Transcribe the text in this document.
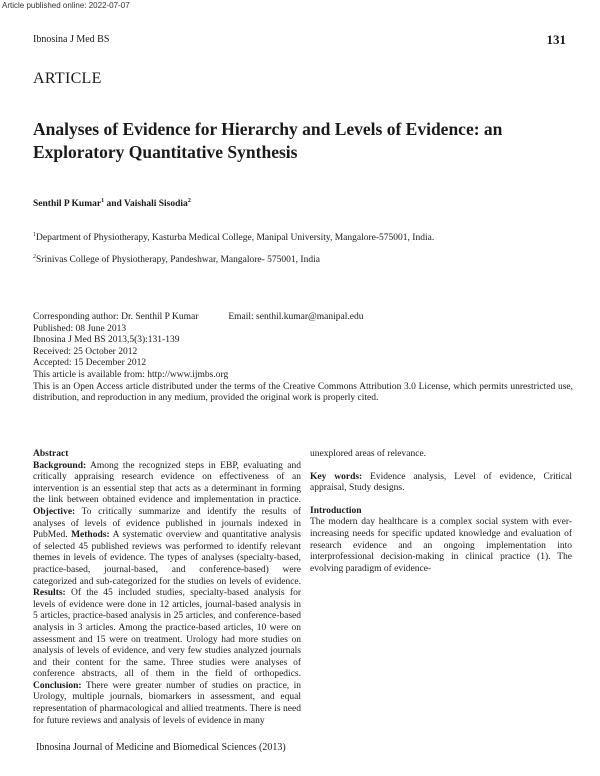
Article published online: 2022-07-07
Ibnosina J Med BS	131
ARTICLE
Analyses of Evidence for Hierarchy and Levels of Evidence: an Exploratory Quantitative Synthesis
Senthil P Kumar$^1$ and Vaishali Sisodia$^2$
$^1$Department of Physiotherapy, Kasturba Medical College, Manipal University, Mangalore-575001, India.
$^2$Srinivas College of Physiotherapy, Pandeshwar, Mangalore- 575001, India
Corresponding author: Dr. Senthil P Kumar	Email: senthil.kumar@manipal.edu
Published: 08 June 2013
Ibnosina J Med BS 2013,5(3):131-139
Received: 25 October 2012
Accepted: 15 December 2012
This article is available from: http://www.ijmbs.org
This is an Open Access article distributed under the terms of the Creative Commons Attribution 3.0 License, which permits unrestricted use, distribution, and reproduction in any medium, provided the original work is properly cited.

Abstract

Background: Among the recognized steps in EBP, evaluating and critically appraising research evidence on effectiveness of an intervention is an essential step that acts as a determinant in forming the link between obtained evidence and implementation in practice. Objective: To critically summarize and identify the results of analyses of levels of evidence published in journals indexed in PubMed. Methods: A systematic overview and quantitative analysis of selected 45 published reviews was performed to identify relevant themes in levels of evidence. The types of analyses (specialty-based, practice-based, journal-based, and conference-based) were categorized and sub-categorized for the studies on levels of evidence. Results: Of the 45 included studies, specialty-based analysis for levels of evidence were done in 12 articles, journal-based analysis in 5 articles, practice-based analysis in 25 articles, and conference-based analysis in 3 articles. Among the practice-based articles, 10 were on assessment and 15 were on treatment. Urology had more studies on analysis of levels of evidence, and very few studies analyzed journals and their content for the same. Three studies were analyses of conference abstracts, all of them in the field of orthopedics. Conclusion: There were greater number of studies on practice, in Urology, multiple journals, biomarkers in assessment, and equal representation of pharmacological and allied treatments. There is need for future reviews and analysis of levels of evidence in many

unexplored areas of relevance.

Key words: Evidence analysis, Level of evidence, Critical appraisal, Study designs.

Introduction

The modern day healthcare is a complex social system with ever-increasing needs for specific updated knowledge and evaluation of research evidence and an ongoing implementation into interprofessional decision-making in clinical practice (1). The evolving paradigm of evidence-

Ibnosina Journal of Medicine and Biomedical Sciences (2013)
